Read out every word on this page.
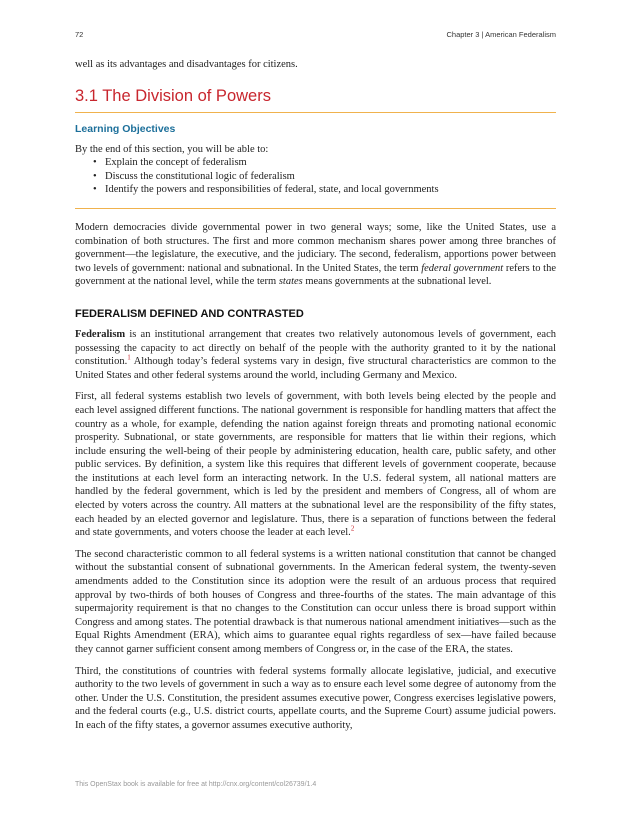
72	Chapter 3 | American Federalism

well as its advantages and disadvantages for citizens.

3.1 The Division of Powers
Learning Objectives

By the end of this section, you will be able to:

• Explain the concept of federalism
• Discuss the constitutional logic of federalism
• Identify the powers and responsibilities of federal, state, and local governments

Modern democracies divide governmental power in two general ways; some, like the United States, use a combination of both structures. The first and more common mechanism shares power among three branches of government—the legislature, the executive, and the judiciary. The second, federalism, apportions power between two levels of government: national and subnational. In the United States, the term federal government refers to the government at the national level, while the term states means governments at the subnational level.

FEDERALISM DEFINED AND CONTRASTED

Federalism is an institutional arrangement that creates two relatively autonomous levels of government, each possessing the capacity to act directly on behalf of the people with the authority granted to it by the national constitution.$^1$ Although today’s federal systems vary in design, five structural characteristics are common to the United States and other federal systems around the world, including Germany and Mexico.

First, all federal systems establish two levels of government, with both levels being elected by the people and each level assigned different functions. The national government is responsible for handling matters that affect the country as a whole, for example, defending the nation against foreign threats and promoting national economic prosperity. Subnational, or state governments, are responsible for matters that lie within their regions, which include ensuring the well-being of their people by administering education, health care, public safety, and other public services. By definition, a system like this requires that different levels of government cooperate, because the institutions at each level form an interacting network. In the U.S. federal system, all national matters are handled by the federal government, which is led by the president and members of Congress, all of whom are elected by voters across the country. All matters at the subnational level are the responsibility of the fifty states, each headed by an elected governor and legislature. Thus, there is a separation of functions between the federal and state governments, and voters choose the leader at each level.$^2$

The second characteristic common to all federal systems is a written national constitution that cannot be changed without the substantial consent of subnational governments. In the American federal system, the twenty-seven amendments added to the Constitution since its adoption were the result of an arduous process that required approval by two-thirds of both houses of Congress and three-fourths of the states. The main advantage of this supermajority requirement is that no changes to the Constitution can occur unless there is broad support within Congress and among states. The potential drawback is that numerous national amendment initiatives—such as the Equal Rights Amendment (ERA), which aims to guarantee equal rights regardless of sex—have failed because they cannot garner sufficient consent among members of Congress or, in the case of the ERA, the states.

Third, the constitutions of countries with federal systems formally allocate legislative, judicial, and executive authority to the two levels of government in such a way as to ensure each level some degree of autonomy from the other. Under the U.S. Constitution, the president assumes executive power, Congress exercises legislative powers, and the federal courts (e.g., U.S. district courts, appellate courts, and the Supreme Court) assume judicial powers. In each of the fifty states, a governor assumes executive authority,

This OpenStax book is available for free at http://cnx.org/content/col26739/1.4
